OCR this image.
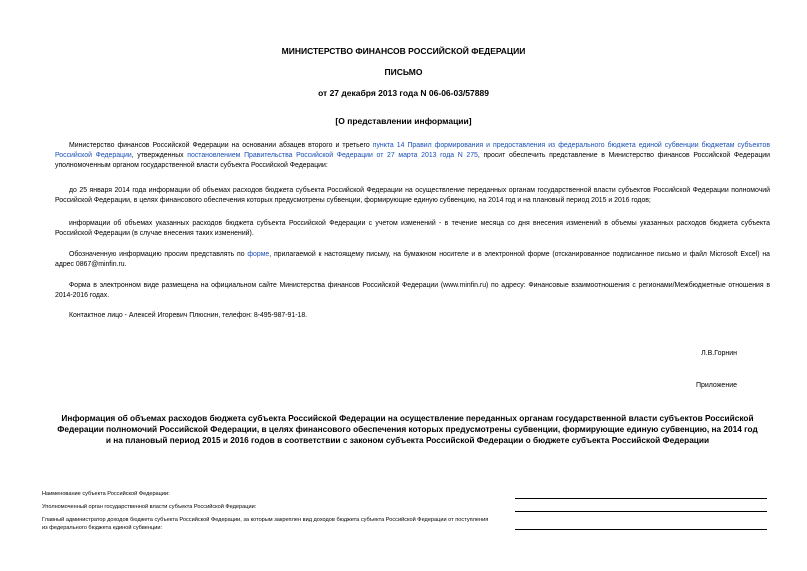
МИНИСТЕРСТВО ФИНАНСОВ РОССИЙСКОЙ ФЕДЕРАЦИИ
ПИСЬМО
от 27 декабря 2013 года N 06-06-03/57889
[О представлении информации]
Министерство финансов Российской Федерации на основании абзацев второго и третьего пункта 14 Правил формирования и предоставления из федерального бюджета единой субвенции бюджетам субъектов Российской Федерации, утвержденных постановлением Правительства Российской Федерации от 27 марта 2013 года N 275, просит обеспечить представление в Министерство финансов Российской Федерации уполномоченным органом государственной власти субъекта Российской Федерации:
до 25 января 2014 года информации об объемах расходов бюджета субъекта Российской Федерации на осуществление переданных органам государственной власти субъектов Российской Федерации полномочий Российской Федерации, в целях финансового обеспечения которых предусмотрены субвенции, формирующие единую субвенцию, на 2014 год и на плановый период 2015 и 2016 годов;
информации об объемах указанных расходов бюджета субъекта Российской Федерации с учетом изменений - в течение месяца со дня внесения изменений в объемы указанных расходов бюджета субъекта Российской Федерации (в случае внесения таких изменений).
Обозначенную информацию просим представлять по форме, прилагаемой к настоящему письму, на бумажном носителе и в электронной форме (отсканированное подписанное письмо и файл Microsoft Excel) на адрес 0867@minfin.ru.
Форма в электронном виде размещена на официальном сайте Министерства финансов Российской Федерации (www.minfin.ru) по адресу: Финансовые взаимоотношения с регионами/Межбюджетные отношения в 2014-2016 годах.
Контактное лицо - Алексей Игоревич Плюснин, телефон: 8-495-987-91-18.
Л.В.Горнин
Приложение
Информация об объемах расходов бюджета субъекта Российской Федерации на осуществление переданных органам государственной власти субъектов Российской Федерации полномочий Российской Федерации, в целях финансового обеспечения которых предусмотрены субвенции, формирующие единую субвенцию, на 2014 год и на плановый период 2015 и 2016 годов в соответствии с законом субъекта Российской Федерации о бюджете субъекта Российской Федерации
Наименование субъекта Российской Федерации:
Уполномоченный орган государственной власти субъекта Российской Федерации:
Главный администратор доходов бюджета субъекта Российской Федерации, за которым закреплен вид доходов бюджета субъекта Российской Федерации от поступления из федерального бюджета единой субвенции:
